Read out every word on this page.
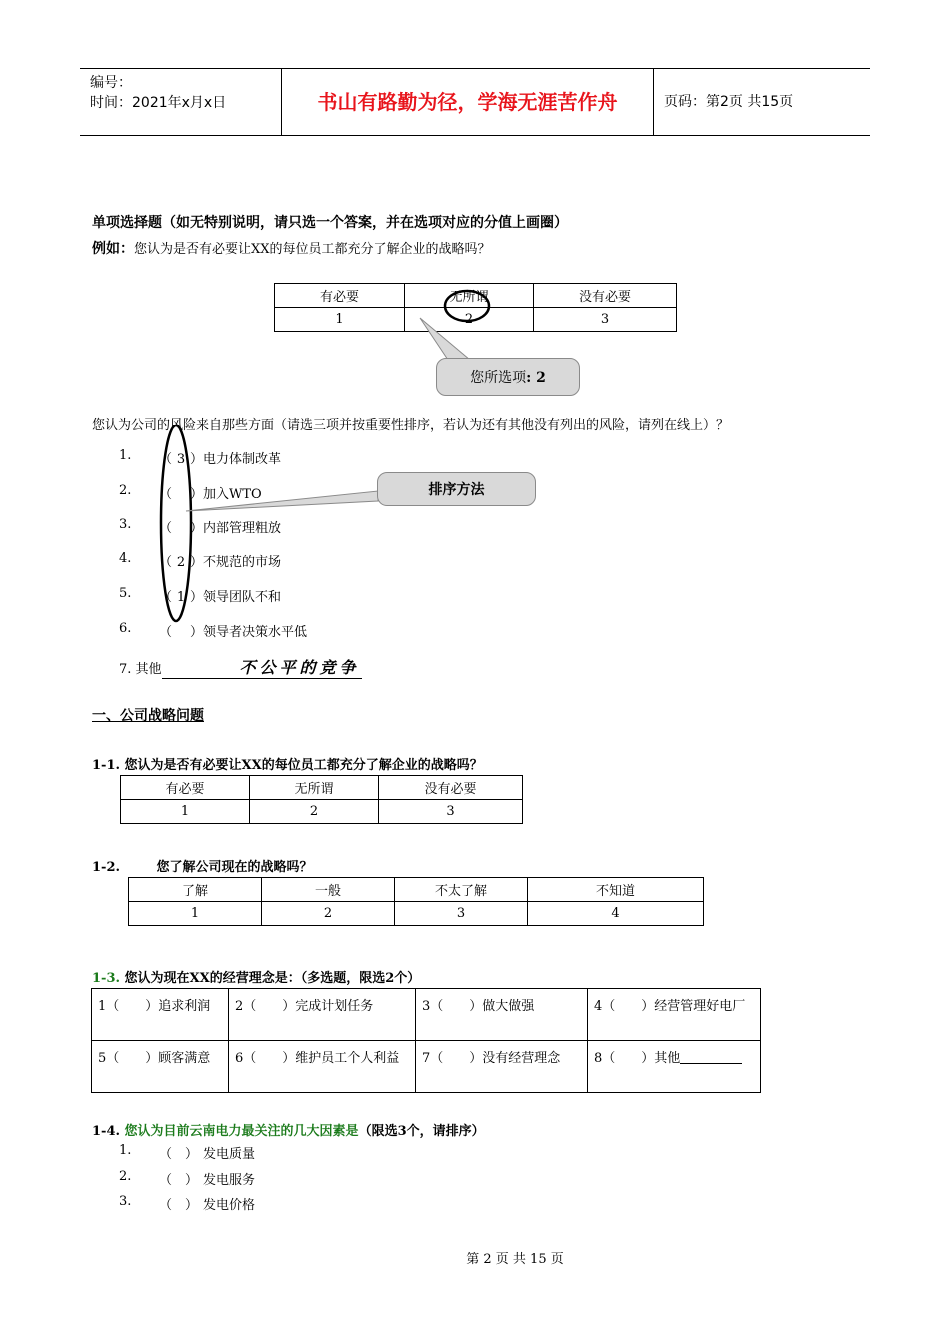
编号：
时间：2021年x月x日	书山有路勤为径，学海无涯苦作舟	页码：第2页 共15页
单项选择题（如无特别说明，请只选一个答案，并在选项对应的分值上画圈）
例如：您认为是否有必要让XX的每位员工都充分了解企业的战略吗？
有必要	无所谓	没有必要
1	2	3
您所选项: 2
您认为公司的风险来自那些方面（请选三项并按重要性排序，若认为还有其他没有列出的风险，请列在线上）？
1. （ 3 ） 电力体制改革
2. （ ） 加入WTO
3. （ ） 内部管理粗放
4. （ 2 ） 不规范的市场
5. （ 1 ） 领导团队不和
6. （ ） 领导者决策水平低
排序方法
7. 其他	不公平的竞争
一、公司战略问题
1-1. 您认为是否有必要让XX的每位员工都充分了解企业的战略吗？
有必要	无所谓	没有必要
1	2	3
1-2.	您了解公司现在的战略吗？
了解	一般	不太了解	不知道
1	2	3	4
1-3. 您认为现在XX的经营理念是：（多选题，限选2个）
1（　　）追求利润	2（　　）完成计划任务	3（　　）做大做强	4（　　）经营管理好电厂
5（　　）顾客满意	6（　　）维护员工个人利益	7（　　）没有经营理念	8（　　）其他
1-4. 您认为目前云南电力最关注的几大因素是（限选3个，请排序）
1. （　） 发电质量
2. （　） 发电服务
3. （　） 发电价格
第 2 页 共 15 页
